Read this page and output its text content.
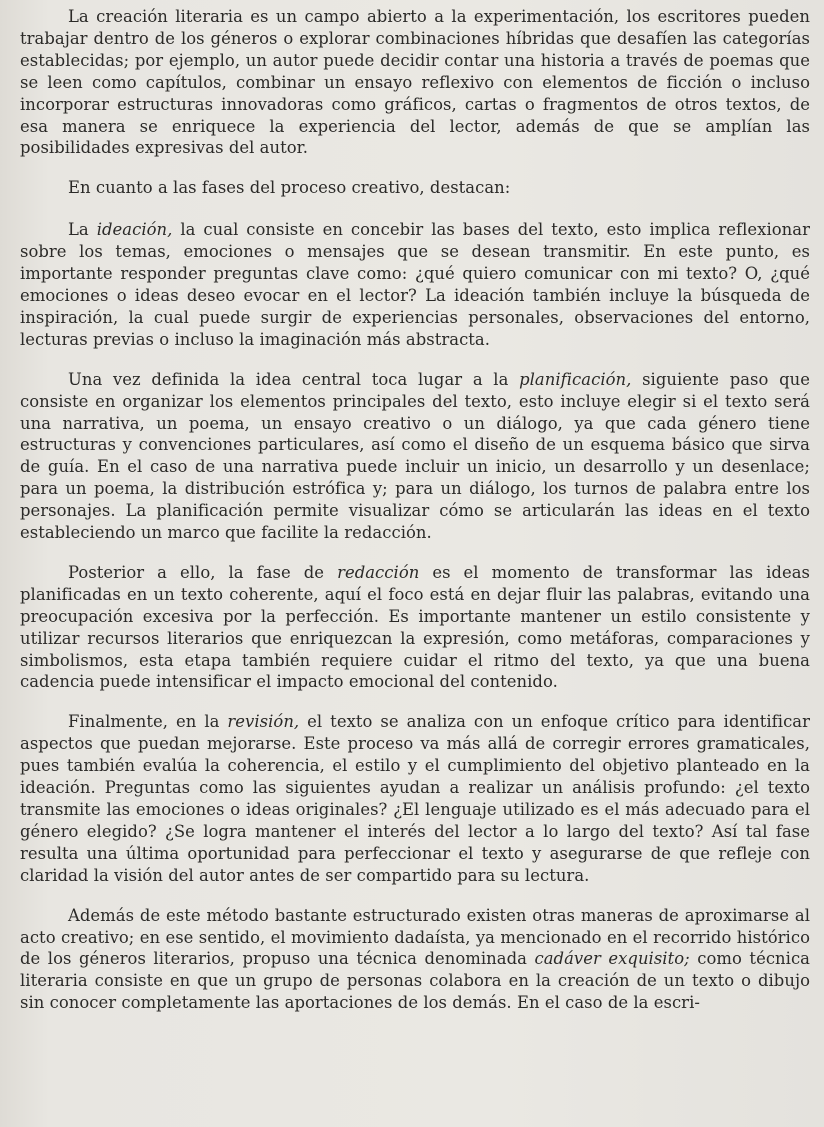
La creación literaria es un campo abierto a la experimentación, los escritores pueden trabajar dentro de los géneros o explorar combinaciones híbridas que desafíen las categorías establecidas; por ejemplo, un autor puede decidir contar una historia a través de poemas que se leen como capítulos, combinar un ensayo reflexivo con elementos de ficción o incluso incorporar estructuras innovadoras como gráficos, cartas o fragmentos de otros textos, de esa manera se enriquece la experiencia del lector, además de que se amplían las posibilidades expresivas del autor.

En cuanto a las fases del proceso creativo, destacan:

La ideación, la cual consiste en concebir las bases del texto, esto implica reflexionar sobre los temas, emociones o mensajes que se desean transmitir. En este punto, es importante responder preguntas clave como: ¿qué quiero comunicar con mi texto? O, ¿qué emociones o ideas deseo evocar en el lector? La ideación también incluye la búsqueda de inspiración, la cual puede surgir de experiencias personales, observaciones del entorno, lecturas previas o incluso la imaginación más abstracta.

Una vez definida la idea central toca lugar a la planificación, siguiente paso que consiste en organizar los elementos principales del texto, esto incluye elegir si el texto será una narrativa, un poema, un ensayo creativo o un diálogo, ya que cada género tiene estructuras y convenciones particulares, así como el diseño de un esquema básico que sirva de guía. En el caso de una narrativa puede incluir un inicio, un desarrollo y un desenlace; para un poema, la distribución estrófica y; para un diálogo, los turnos de palabra entre los personajes. La planificación permite visualizar cómo se articularán las ideas en el texto estableciendo un marco que facilite la redacción.

Posterior a ello, la fase de redacción es el momento de transformar las ideas planificadas en un texto coherente, aquí el foco está en dejar fluir las palabras, evitando una preocupación excesiva por la perfección. Es importante mantener un estilo consistente y utilizar recursos literarios que enriquezcan la expresión, como metáforas, comparaciones y simbolismos, esta etapa también requiere cuidar el ritmo del texto, ya que una buena cadencia puede intensificar el impacto emocional del contenido.

Finalmente, en la revisión, el texto se analiza con un enfoque crítico para identificar aspectos que puedan mejorarse. Este proceso va más allá de corregir errores gramaticales, pues también evalúa la coherencia, el estilo y el cumplimiento del objetivo planteado en la ideación. Preguntas como las siguientes ayudan a realizar un análisis profundo: ¿el texto transmite las emociones o ideas originales? ¿El lenguaje utilizado es el más adecuado para el género elegido? ¿Se logra mantener el interés del lector a lo largo del texto? Así tal fase resulta una última oportunidad para perfeccionar el texto y asegurarse de que refleje con claridad la visión del autor antes de ser compartido para su lectura.

Además de este método bastante estructurado existen otras maneras de aproximarse al acto creativo; en ese sentido, el movimiento dadaísta, ya mencionado en el recorrido histórico de los géneros literarios, propuso una técnica denominada cadáver exquisito; como técnica literaria consiste en que un grupo de personas colabora en la creación de un texto o dibujo sin conocer completamente las aportaciones de los demás. En el caso de la escri-
